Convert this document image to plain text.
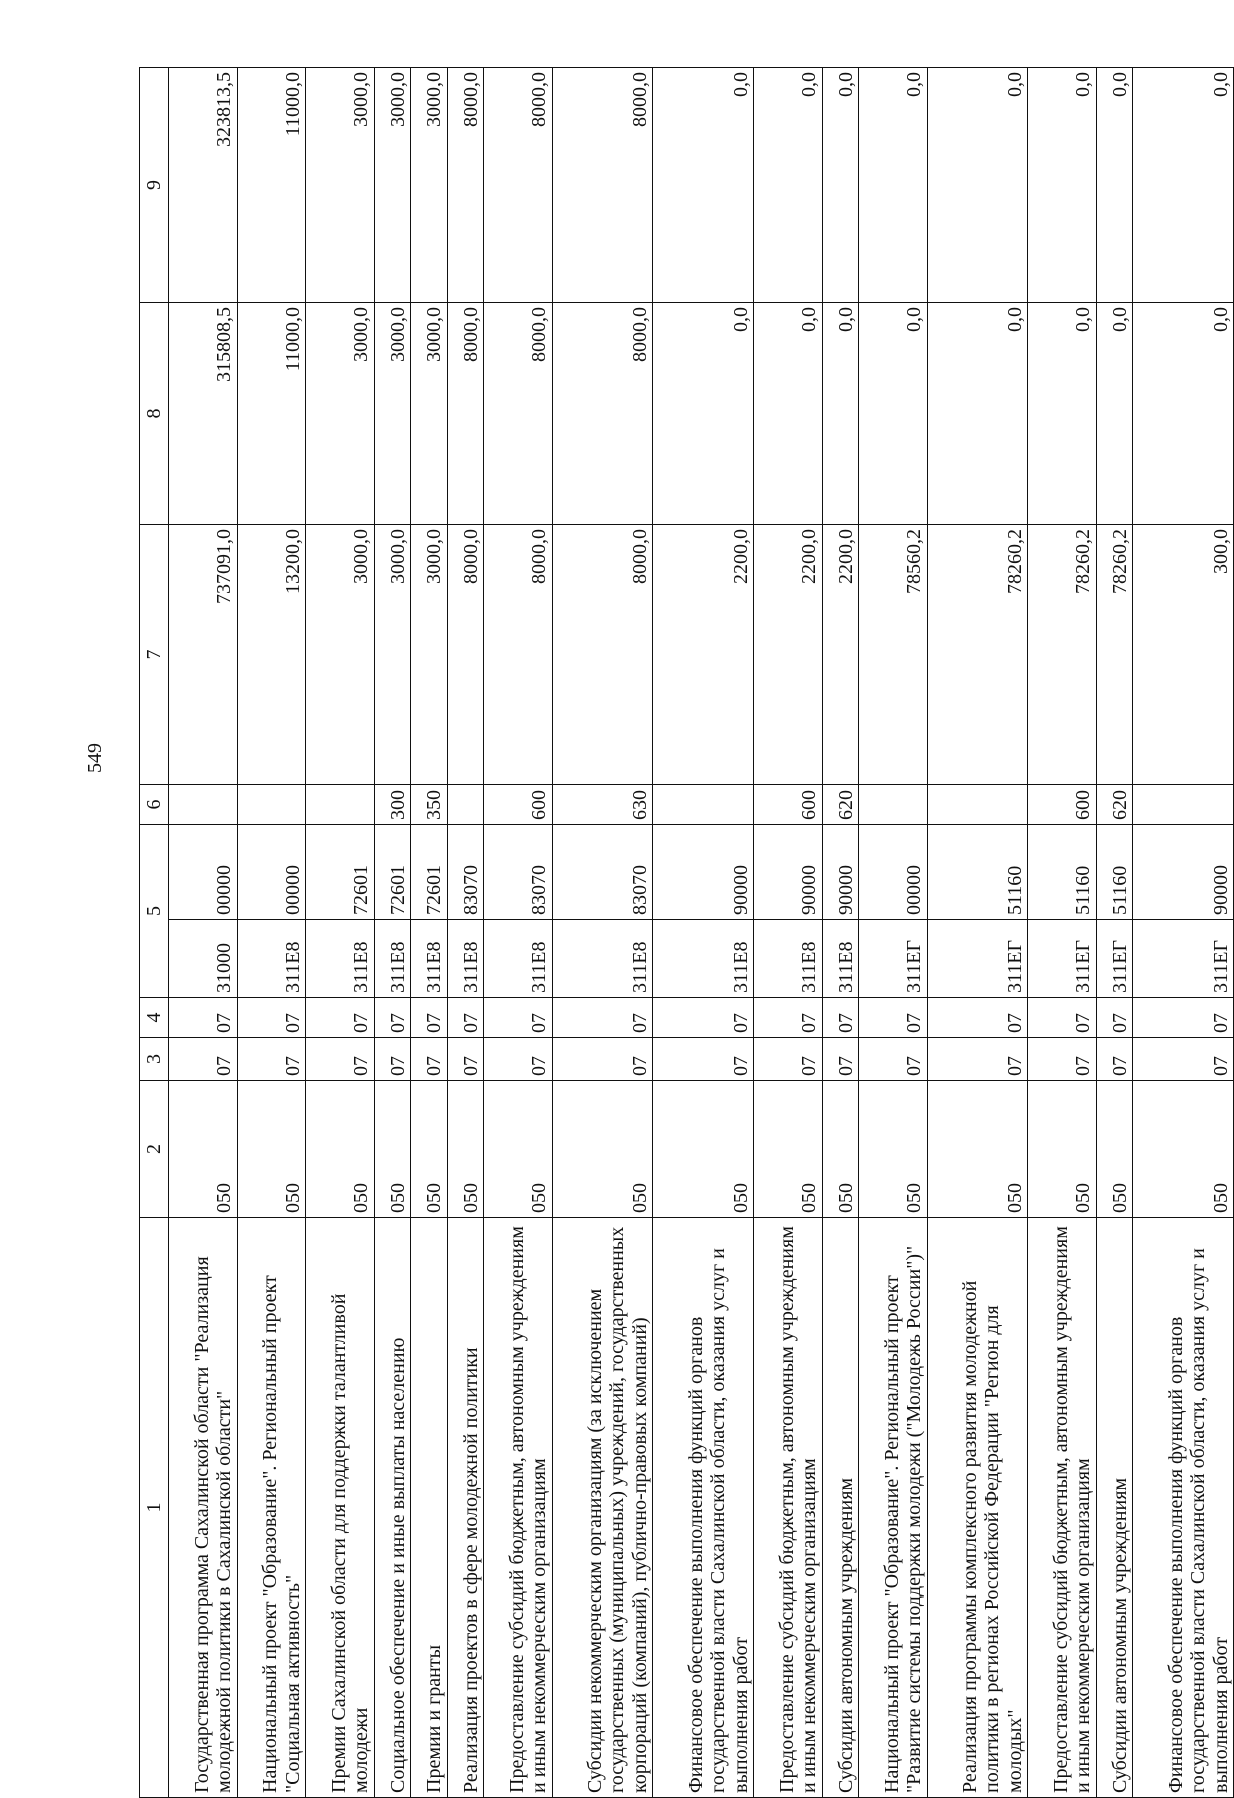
549
1	2	3	4	5		6	7	8	9
Государственная программа Сахалинской области "Реализация молодежной политики в Сахалинской области"	050	07	07	31000	00000		737091,0	315808,5	323813,5
Национальный проект "Образование". Региональный проект "Социальная активность"	050	07	07	311Е8	00000		13200,0	11000,0	11000,0
Премии Сахалинской области для поддержки талантливой молодежи	050	07	07	311Е8	72601		3000,0	3000,0	3000,0
Социальное обеспечение и иные выплаты населению	050	07	07	311Е8	72601	300	3000,0	3000,0	3000,0
Премии и гранты	050	07	07	311Е8	72601	350	3000,0	3000,0	3000,0
Реализация проектов в сфере молодежной политики	050	07	07	311Е8	83070		8000,0	8000,0	8000,0
Предоставление субсидий бюджетным, автономным учреждениям и иным некоммерческим организациям	050	07	07	311Е8	83070	600	8000,0	8000,0	8000,0
Субсидии некоммерческим организациям (за исключением государственных (муниципальных) учреждений, государственных корпораций (компаний), публично-правовых компаний)	050	07	07	311Е8	83070	630	8000,0	8000,0	8000,0
Финансовое обеспечение выполнения функций органов государственной власти Сахалинской области, оказания услуг и выполнения работ	050	07	07	311Е8	90000		2200,0	0,0	0,0
Предоставление субсидий бюджетным, автономным учреждениям и иным некоммерческим организациям	050	07	07	311Е8	90000	600	2200,0	0,0	0,0
Субсидии автономным учреждениям	050	07	07	311Е8	90000	620	2200,0	0,0	0,0
Национальный проект "Образование". Региональный проект "Развитие системы поддержки молодежи ("Молодежь России")"	050	07	07	311ЕГ	00000		78560,2	0,0	0,0
Реализация программы комплексного развития молодежной политики в регионах Российской Федерации "Регион для молодых"	050	07	07	311ЕГ	51160		78260,2	0,0	0,0
Предоставление субсидий бюджетным, автономным учреждениям и иным некоммерческим организациям	050	07	07	311ЕГ	51160	600	78260,2	0,0	0,0
Субсидии автономным учреждениям	050	07	07	311ЕГ	51160	620	78260,2	0,0	0,0
Финансовое обеспечение выполнения функций органов государственной власти Сахалинской области, оказания услуг и выполнения работ	050	07	07	311ЕГ	90000		300,0	0,0	0,0
